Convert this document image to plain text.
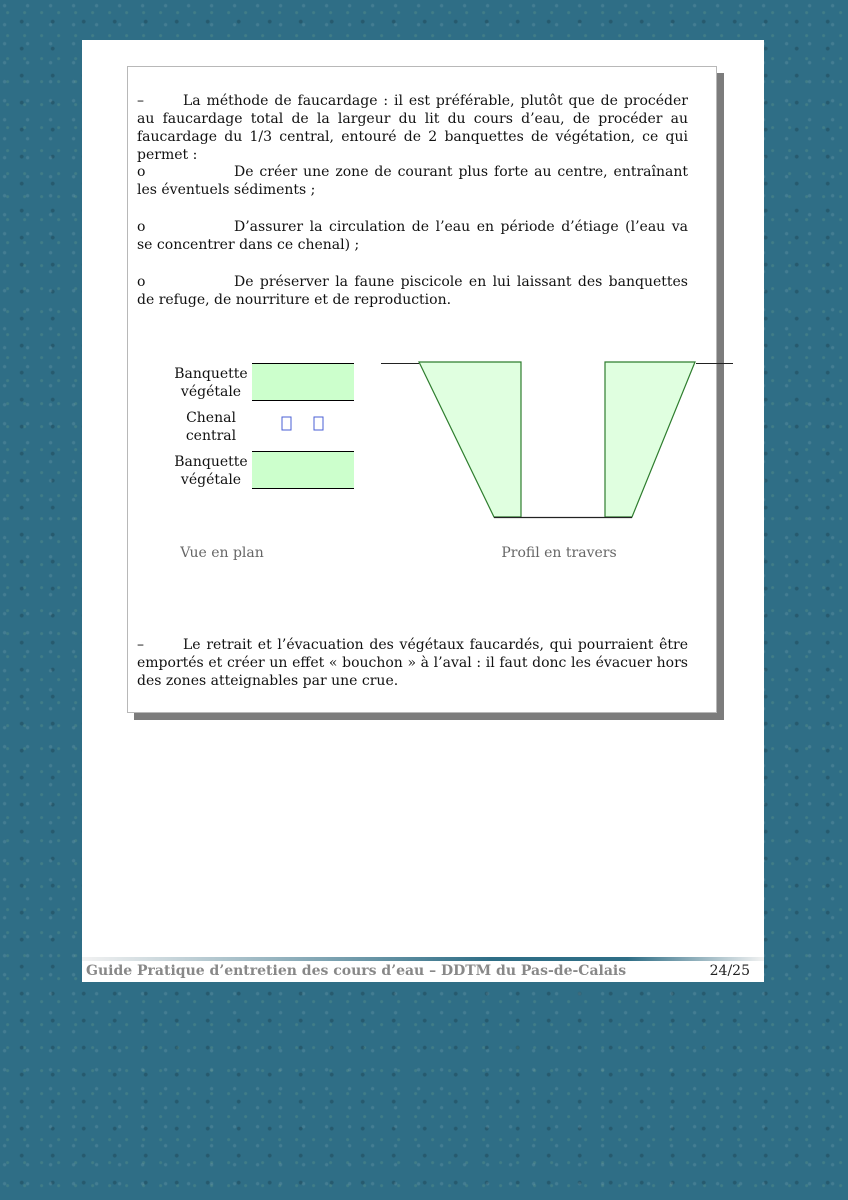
–	La méthode de faucardage : il est préférable, plutôt que de procéder au faucardage total de la largeur du lit du cours d’eau, de procéder au faucardage du 1/3 central, entouré de 2 banquettes de végétation, ce qui permet :

o	De créer une zone de courant plus forte au centre, entraînant les éventuels sédiments ;

o	D’assurer la circulation de l’eau en période d’étiage (l’eau va se concentrer dans ce chenal) ;

o	De préserver la faune piscicole en lui laissant des banquettes de refuge, de nourriture et de reproduction.

Banquette
végétale
Chenal
central
Banquette
végétale
Vue en plan	Profil en travers

–	Le retrait et l’évacuation des végétaux faucardés, qui pourraient être emportés et créer un effet « bouchon » à l’aval : il faut donc les évacuer hors des zones atteignables par une crue.

Guide Pratique d’entretien des cours d’eau – DDTM du Pas-de-Calais	24/25
